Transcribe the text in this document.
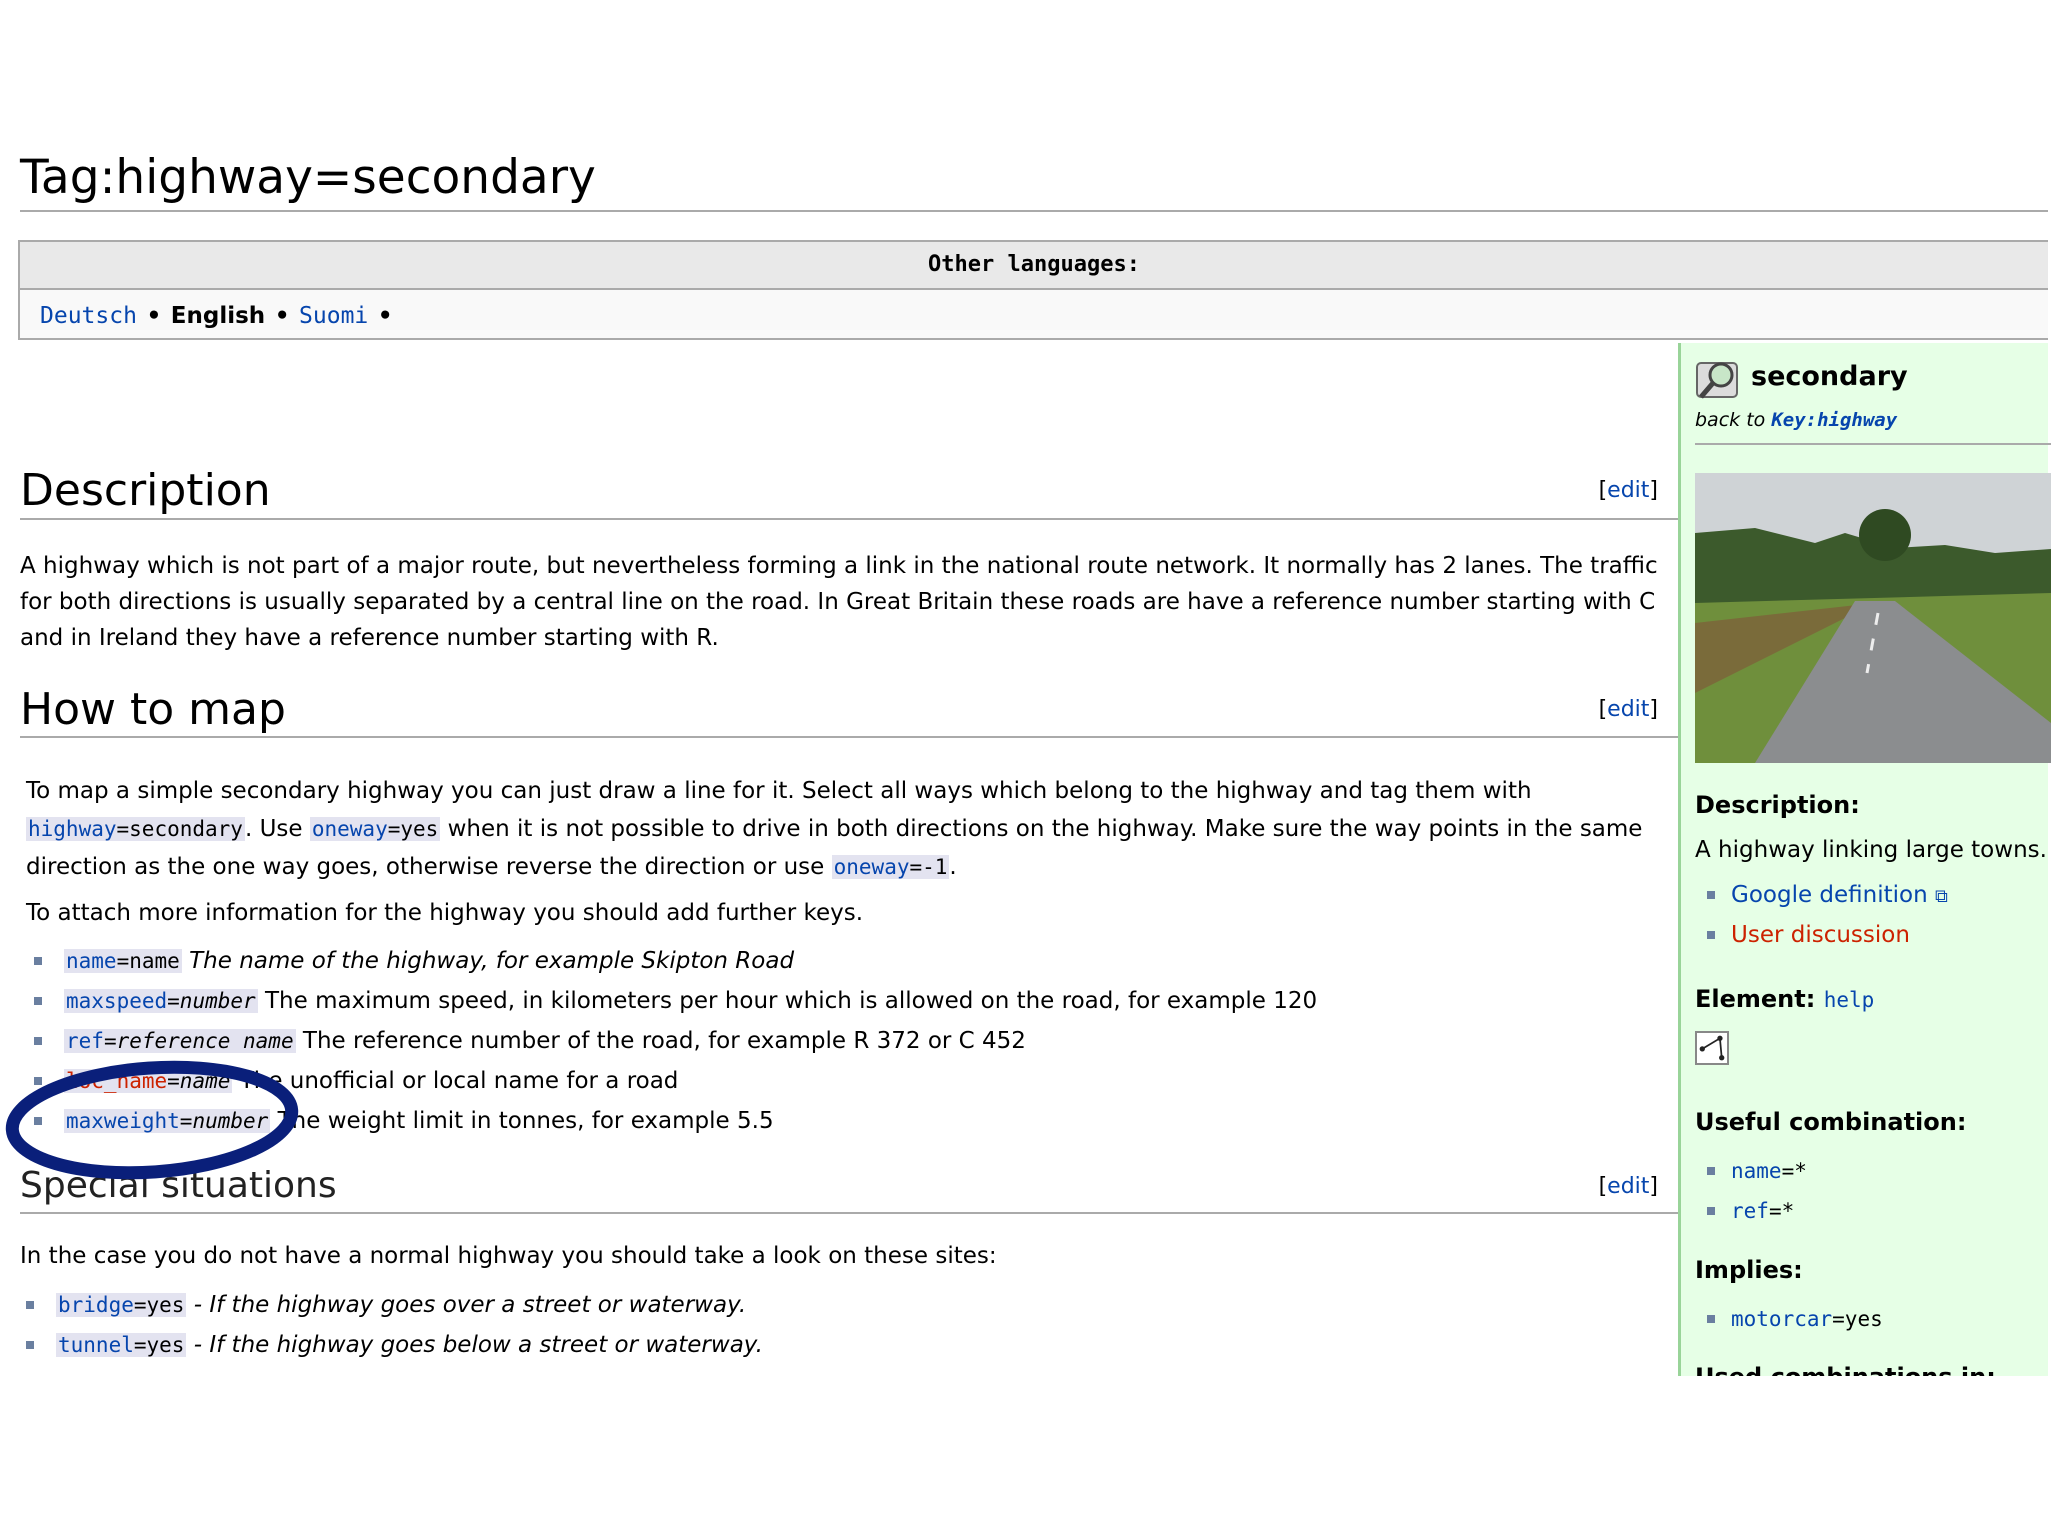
Tag:highway=secondary
Other languages:
Deutsch • English • Suomi •
Description	[edit]

A highway which is not part of a major route, but nevertheless forming a link in the national route network. It normally has 2 lanes. The traffic for both directions is usually separated by a central line on the road. In Great Britain these roads are have a reference number starting with C and in Ireland they have a reference number starting with R.

How to map	[edit]

To map a simple secondary highway you can just draw a line for it. Select all ways which belong to the highway and tag them with highway=secondary. Use oneway=yes when it is not possible to drive in both directions on the highway. Make sure the way points in the same direction as the one way goes, otherwise reverse the direction or use oneway=-1.

To attach more information for the highway you should add further keys.

name=name The name of the highway, for example Skipton Road
maxspeed=number The maximum speed, in kilometers per hour which is allowed on the road, for example 120
ref=reference name The reference number of the road, for example R 372 or C 452
loc_name=name The unofficial or local name for a road
maxweight=number The weight limit in tonnes, for example 5.5
Special situations	[edit]

In the case you do not have a normal highway you should take a look on these sites:

bridge=yes - If the highway goes over a street or waterway.
tunnel=yes - If the highway goes below a street or waterway.
secondary
back to Key:highway
Description:
A highway linking large towns.
Google definition ⧉
User discussion
Element: help
Useful combination:
name=*
ref=*
Implies:
motorcar=yes
